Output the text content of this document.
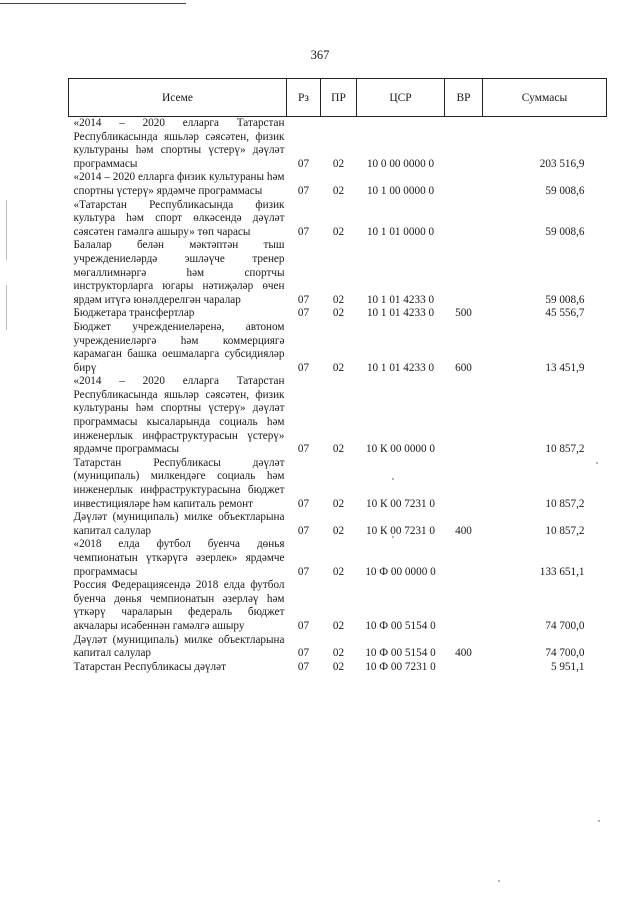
367
Исеме	Рз	ПР	ЦСР	ВР	Суммасы
«2014 – 2020 елларга Татарстан Республикасында яшьләр сәясәтен, физик культураны һәм спортны үстерү» дәүләт программасы	07	02	10 0 00 0000 0		203 516,9
«2014 – 2020 елларга физик культураны һәм спортны үстерү» ярдәмче программасы	07	02	10 1 00 0000 0		59 008,6
«Татарстан Республикасында физик культура һәм спорт өлкәсендә дәүләт сәясәтен гамәлгә ашыру» төп чарасы	07	02	10 1 01 0000 0		59 008,6
Балалар белән мәктәптән тыш учреждениеләрдә эшләүче тренер мөгаллимнәргә һәм спортчы инструкторларга югары нәтиҗәләр өчен ярдәм итүгә юнәлдерелгән чаралар	07	02	10 1 01 4233 0		59 008,6
Бюджетара трансфертлар	07	02	10 1 01 4233 0	500	45 556,7
Бюджет учреждениеләренә, автоном учреждениеләргә һәм коммерциягә карамаган башка оешмаларга субсидияләр бирү	07	02	10 1 01 4233 0	600	13 451,9
«2014 – 2020 елларга Татарстан Республикасында яшьләр сәясәтен, физик культураны һәм спортны үстерү» дәүләт программасы кысаларында социаль һәм инженерлык инфраструктурасын үстерү» ярдәмче программасы	07	02	10 К 00 0000 0		10 857,2
Татарстан Республикасы дәүләт (муниципаль) милкендәге социаль һәм инженерлык инфраструктурасына бюджет инвестицияләре һәм капиталь ремонт	07	02	10 К 00 7231 0		10 857,2
Дәүләт (муниципаль) милке объектларына капитал салулар	07	02	10 К 00 7231 0	400	10 857,2
«2018 елда футбол буенча дөнья чемпионатын үткәрүгә әзерлек» ярдәмче программасы	07	02	10 Ф 00 0000 0		133 651,1
Россия Федерациясендә 2018 елда футбол буенча дөнья чемпионатын әзерләү һәм үткәрү чараларын федераль бюджет акчалары исәбеннән гамәлгә ашыру	07	02	10 Ф 00 5154 0		74 700,0
Дәүләт (муниципаль) милке объектларына капитал салулар	07	02	10 Ф 00 5154 0	400	74 700,0
Татарстан Республикасы дәүләт	07	02	10 Ф 00 7231 0		5 951,1
